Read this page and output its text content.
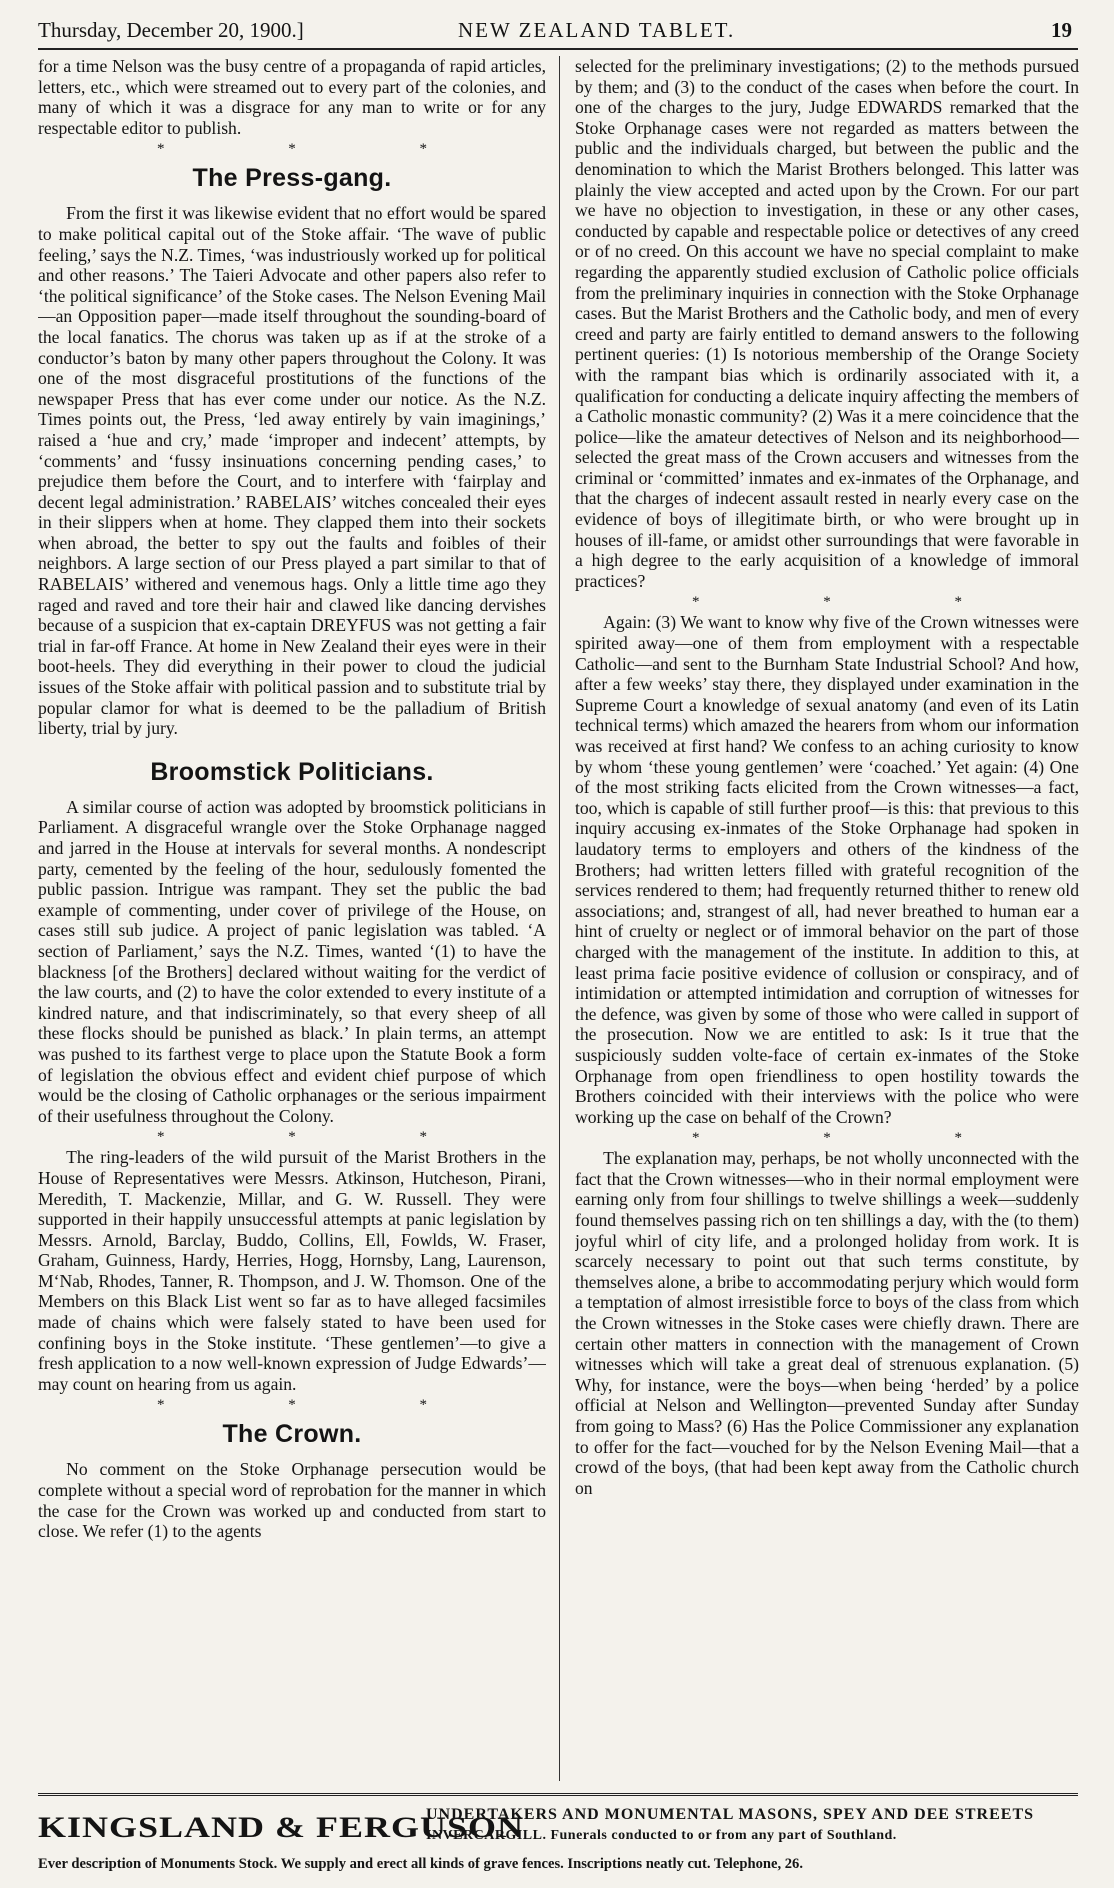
Thursday, December 20, 1900.]	NEW ZEALAND TABLET.	19

for a time Nelson was the busy centre of a propaganda of rapid articles, letters, etc., which were streamed out to every part of the colonies, and many of which it was a disgrace for any man to write or for any respectable editor to publish.

* * *
The Press-gang.

From the first it was likewise evident that no effort would be spared to make political capital out of the Stoke affair. ‘The wave of public feeling,’ says the N.Z. Times, ‘was industriously worked up for political and other reasons.’ The Taieri Advocate and other papers also refer to ‘the political significance’ of the Stoke cases. The Nelson Evening Mail—an Opposition paper—made itself throughout the sounding-board of the local fanatics. The chorus was taken up as if at the stroke of a conductor’s baton by many other papers throughout the Colony. It was one of the most disgraceful prostitutions of the functions of the newspaper Press that has ever come under our notice. As the N.Z. Times points out, the Press, ‘led away entirely by vain imaginings,’ raised a ‘hue and cry,’ made ‘improper and indecent’ attempts, by ‘comments’ and ‘fussy insinuations concerning pending cases,’ to prejudice them before the Court, and to interfere with ‘fairplay and decent legal administration.’ RABELAIS’ witches concealed their eyes in their slippers when at home. They clapped them into their sockets when abroad, the better to spy out the faults and foibles of their neighbors. A large section of our Press played a part similar to that of RABELAIS’ withered and venemous hags. Only a little time ago they raged and raved and tore their hair and clawed like dancing dervishes because of a suspicion that ex-captain DREYFUS was not getting a fair trial in far-off France. At home in New Zealand their eyes were in their boot-heels. They did everything in their power to cloud the judicial issues of the Stoke affair with political passion and to substitute trial by popular clamor for what is deemed to be the palladium of British liberty, trial by jury.

Broomstick Politicians.

A similar course of action was adopted by broomstick politicians in Parliament. A disgraceful wrangle over the Stoke Orphanage nagged and jarred in the House at intervals for several months. A nondescript party, cemented by the feeling of the hour, sedulously fomented the public passion. Intrigue was rampant. They set the public the bad example of commenting, under cover of privilege of the House, on cases still sub judice. A project of panic legislation was tabled. ‘A section of Parliament,’ says the N.Z. Times, wanted ‘(1) to have the blackness [of the Brothers] declared without waiting for the verdict of the law courts, and (2) to have the color extended to every institute of a kindred nature, and that indiscriminately, so that every sheep of all these flocks should be punished as black.’ In plain terms, an attempt was pushed to its farthest verge to place upon the Statute Book a form of legislation the obvious effect and evident chief purpose of which would be the closing of Catholic orphanages or the serious impairment of their usefulness throughout the Colony.

* * *

The ring-leaders of the wild pursuit of the Marist Brothers in the House of Representatives were Messrs. Atkinson, Hutcheson, Pirani, Meredith, T. Mackenzie, Millar, and G. W. Russell. They were supported in their happily unsuccessful attempts at panic legislation by Messrs. Arnold, Barclay, Buddo, Collins, Ell, Fowlds, W. Fraser, Graham, Guinness, Hardy, Herries, Hogg, Hornsby, Lang, Laurenson, M‘Nab, Rhodes, Tanner, R. Thompson, and J. W. Thomson. One of the Members on this Black List went so far as to have alleged facsimiles made of chains which were falsely stated to have been used for confining boys in the Stoke institute. ‘These gentlemen’—to give a fresh application to a now well-known expression of Judge Edwards’—may count on hearing from us again.

* * *
The Crown.

No comment on the Stoke Orphanage persecution would be complete without a special word of reprobation for the manner in which the case for the Crown was worked up and conducted from start to close. We refer (1) to the agents

selected for the preliminary investigations; (2) to the methods pursued by them; and (3) to the conduct of the cases when before the court. In one of the charges to the jury, Judge EDWARDS remarked that the Stoke Orphanage cases were not regarded as matters between the public and the individuals charged, but between the public and the denomination to which the Marist Brothers belonged. This latter was plainly the view accepted and acted upon by the Crown. For our part we have no objection to investigation, in these or any other cases, conducted by capable and respectable police or detectives of any creed or of no creed. On this account we have no special complaint to make regarding the apparently studied exclusion of Catholic police officials from the preliminary inquiries in connection with the Stoke Orphanage cases. But the Marist Brothers and the Catholic body, and men of every creed and party are fairly entitled to demand answers to the following pertinent queries: (1) Is notorious membership of the Orange Society with the rampant bias which is ordinarily associated with it, a qualification for conducting a delicate inquiry affecting the members of a Catholic monastic community? (2) Was it a mere coincidence that the police—like the amateur detectives of Nelson and its neighborhood—selected the great mass of the Crown accusers and witnesses from the criminal or ‘committed’ inmates and ex-inmates of the Orphanage, and that the charges of indecent assault rested in nearly every case on the evidence of boys of illegitimate birth, or who were brought up in houses of ill-fame, or amidst other surroundings that were favorable in a high degree to the early acquisition of a knowledge of immoral practices?

* * *

Again: (3) We want to know why five of the Crown witnesses were spirited away—one of them from employment with a respectable Catholic—and sent to the Burnham State Industrial School? And how, after a few weeks’ stay there, they displayed under examination in the Supreme Court a knowledge of sexual anatomy (and even of its Latin technical terms) which amazed the hearers from whom our information was received at first hand? We confess to an aching curiosity to know by whom ‘these young gentlemen’ were ‘coached.’ Yet again: (4) One of the most striking facts elicited from the Crown witnesses—a fact, too, which is capable of still further proof—is this: that previous to this inquiry accusing ex-inmates of the Stoke Orphanage had spoken in laudatory terms to employers and others of the kindness of the Brothers; had written letters filled with grateful recognition of the services rendered to them; had frequently returned thither to renew old associations; and, strangest of all, had never breathed to human ear a hint of cruelty or neglect or of immoral behavior on the part of those charged with the management of the institute. In addition to this, at least prima facie positive evidence of collusion or conspiracy, and of intimidation or attempted intimidation and corruption of witnesses for the defence, was given by some of those who were called in support of the prosecution. Now we are entitled to ask: Is it true that the suspiciously sudden volte-face of certain ex-inmates of the Stoke Orphanage from open friendliness to open hostility towards the Brothers coincided with their interviews with the police who were working up the case on behalf of the Crown?

* * *

The explanation may, perhaps, be not wholly unconnected with the fact that the Crown witnesses—who in their normal employment were earning only from four shillings to twelve shillings a week—suddenly found themselves passing rich on ten shillings a day, with the (to them) joyful whirl of city life, and a prolonged holiday from work. It is scarcely necessary to point out that such terms constitute, by themselves alone, a bribe to accommodating perjury which would form a temptation of almost irresistible force to boys of the class from which the Crown witnesses in the Stoke cases were chiefly drawn. There are certain other matters in connection with the management of Crown witnesses which will take a great deal of strenuous explanation. (5) Why, for instance, were the boys—when being ‘herded’ by a police official at Nelson and Wellington—prevented Sunday after Sunday from going to Mass? (6) Has the Police Commissioner any explanation to offer for the fact—vouched for by the Nelson Evening Mail—that a crowd of the boys, (that had been kept away from the Catholic church on

KINGSLAND & FERGUSON
UNDERTAKERS AND MONUMENTAL MASONS, SPEY AND DEE STREETS
INVERCARGILL. Funerals conducted to or from any part of Southland.
Ever description of Monuments Stock. We supply and erect all kinds of grave fences. Inscriptions neatly cut. Telephone, 26.
